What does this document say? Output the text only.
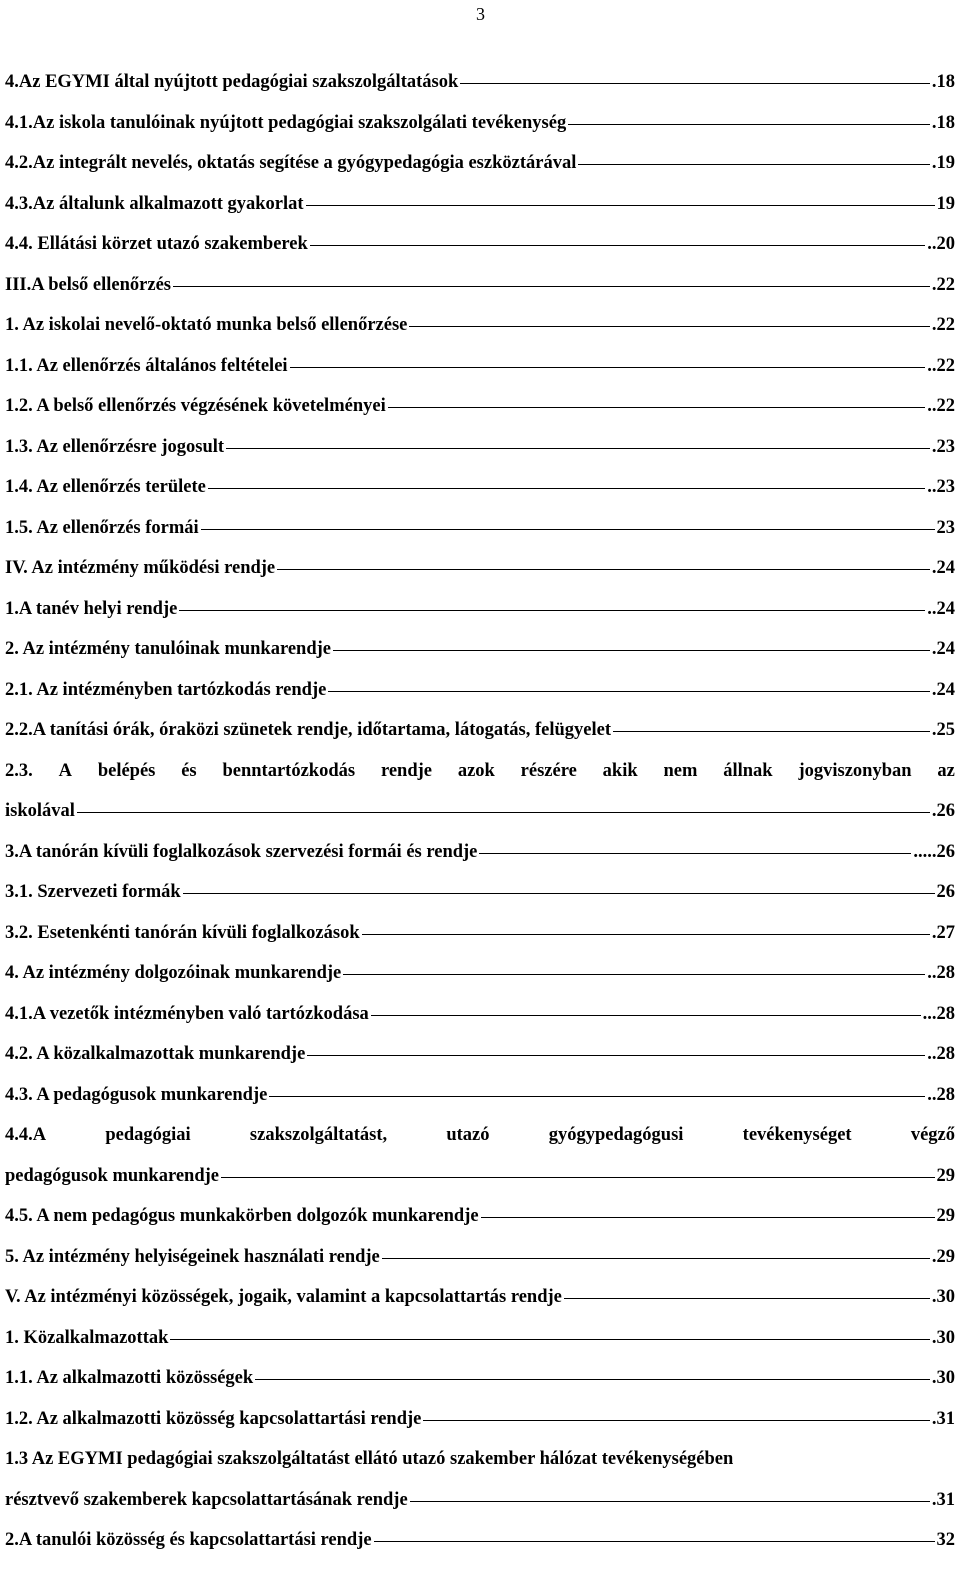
3
4.Az EGYMI által nyújtott pedagógiai szakszolgáltatások	.18
4.1.Az iskola tanulóinak nyújtott pedagógiai szakszolgálati tevékenység	.18
4.2.Az integrált nevelés, oktatás segítése a gyógypedagógia eszköztárával	.19
4.3.Az általunk alkalmazott gyakorlat	19
4.4. Ellátási körzet utazó szakemberek	..20
III.A belső ellenőrzés	.22
1. Az iskolai nevelő-oktató munka belső ellenőrzése	.22
1.1. Az ellenőrzés általános feltételei	..22
1.2. A belső ellenőrzés végzésének követelményei	..22
1.3. Az ellenőrzésre jogosult	.23
1.4. Az ellenőrzés területe	..23
1.5. Az ellenőrzés formái	23
IV. Az intézmény működési rendje	.24
1.A tanév helyi rendje	..24
2. Az intézmény tanulóinak munkarendje	.24
2.1. Az intézményben tartózkodás rendje	.24
2.2.A tanítási órák, óraközi szünetek rendje, időtartama, látogatás, felügyelet	.25
2.3. A belépés és benntartózkodás rendje azok részére akik nem állnak jogviszonyban az
iskolával	.26
3.A tanórán kívüli foglalkozások szervezési formái és rendje	.....26
3.1. Szervezeti formák	26
3.2. Esetenkénti tanórán kívüli foglalkozások	.27
4. Az intézmény dolgozóinak munkarendje	..28
4.1.A vezetők intézményben való tartózkodása	...28
4.2. A közalkalmazottak munkarendje	..28
4.3. A pedagógusok munkarendje	..28
4.4.A	pedagógiai	szakszolgáltatást,	utazó	gyógypedagógusi	tevékenységet	végző
pedagógusok munkarendje	29
4.5. A nem pedagógus munkakörben dolgozók munkarendje	29
5. Az intézmény helyiségeinek használati rendje	.29
V. Az intézményi közösségek, jogaik, valamint a kapcsolattartás rendje	.30
1. Közalkalmazottak	.30
1.1. Az alkalmazotti közösségek	.30
1.2. Az alkalmazotti közösség kapcsolattartási rendje	.31
1.3 Az EGYMI pedagógiai szakszolgáltatást ellátó utazó szakember hálózat tevékenységében
résztvevő szakemberek kapcsolattartásának rendje	.31
2.A tanulói közösség és kapcsolattartási rendje	32
